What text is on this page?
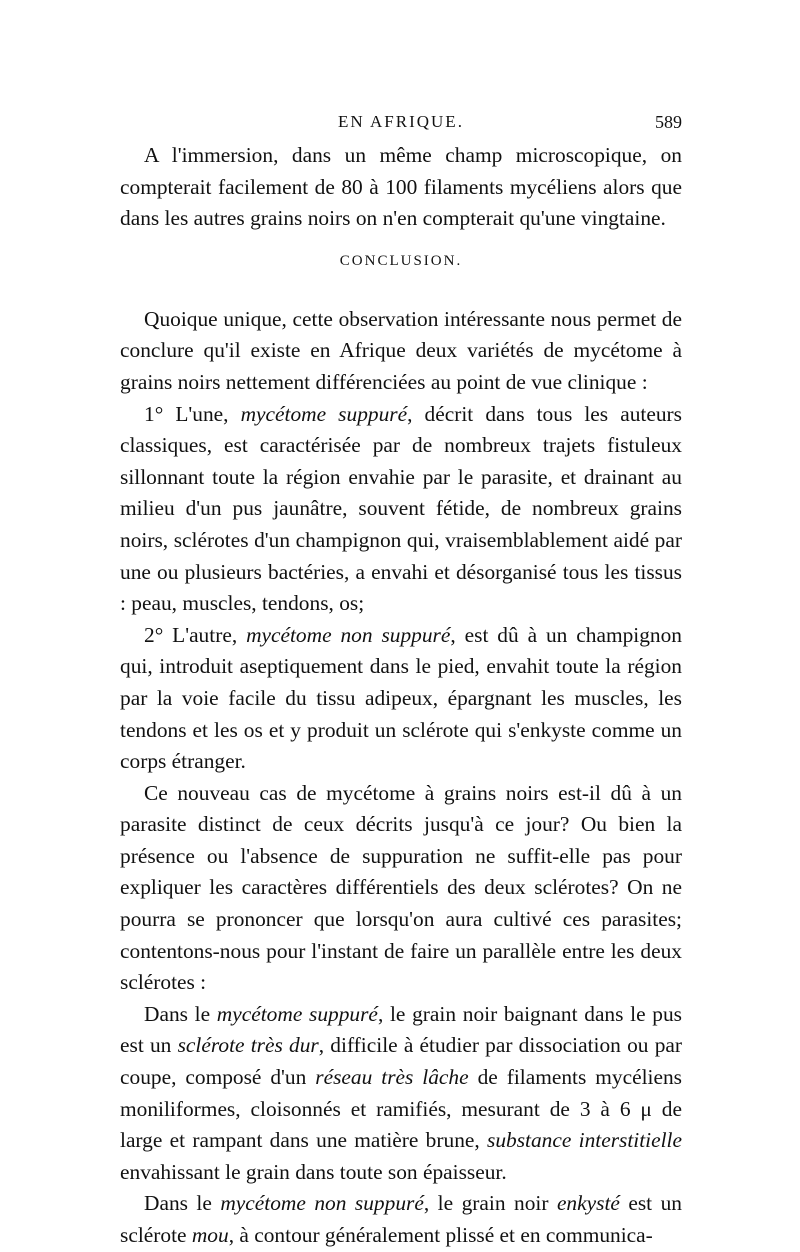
EN AFRIQUE.	589

A l'immersion, dans un même champ microscopique, on compterait facilement de 80 à 100 filaments mycéliens alors que dans les autres grains noirs on n'en compterait qu'une vingtaine.

CONCLUSION.

Quoique unique, cette observation intéressante nous permet de conclure qu'il existe en Afrique deux variétés de mycétome à grains noirs nettement différenciées au point de vue clinique :

1° L'une, mycétome suppuré, décrit dans tous les auteurs classiques, est caractérisée par de nombreux trajets fistuleux sillonnant toute la région envahie par le parasite, et drainant au milieu d'un pus jaunâtre, souvent fétide, de nombreux grains noirs, sclérotes d'un champignon qui, vraisemblablement aidé par une ou plusieurs bactéries, a envahi et désorganisé tous les tissus : peau, muscles, tendons, os;

2° L'autre, mycétome non suppuré, est dû à un champignon qui, introduit aseptiquement dans le pied, envahit toute la région par la voie facile du tissu adipeux, épargnant les muscles, les tendons et les os et y produit un sclérote qui s'enkyste comme un corps étranger.

Ce nouveau cas de mycétome à grains noirs est-il dû à un parasite distinct de ceux décrits jusqu'à ce jour? Ou bien la présence ou l'absence de suppuration ne suffit-elle pas pour expliquer les caractères différentiels des deux sclérotes? On ne pourra se prononcer que lorsqu'on aura cultivé ces parasites; contentons-nous pour l'instant de faire un parallèle entre les deux sclérotes :

Dans le mycétome suppuré, le grain noir baignant dans le pus est un sclérote très dur, difficile à étudier par dissociation ou par coupe, composé d'un réseau très lâche de filaments mycéliens moniliformes, cloisonnés et ramifiés, mesurant de 3 à 6 μ de large et rampant dans une matière brune, substance interstitielle envahissant le grain dans toute son épaisseur.

Dans le mycétome non suppuré, le grain noir enkysté est un sclérote mou, à contour généralement plissé et en communica-
